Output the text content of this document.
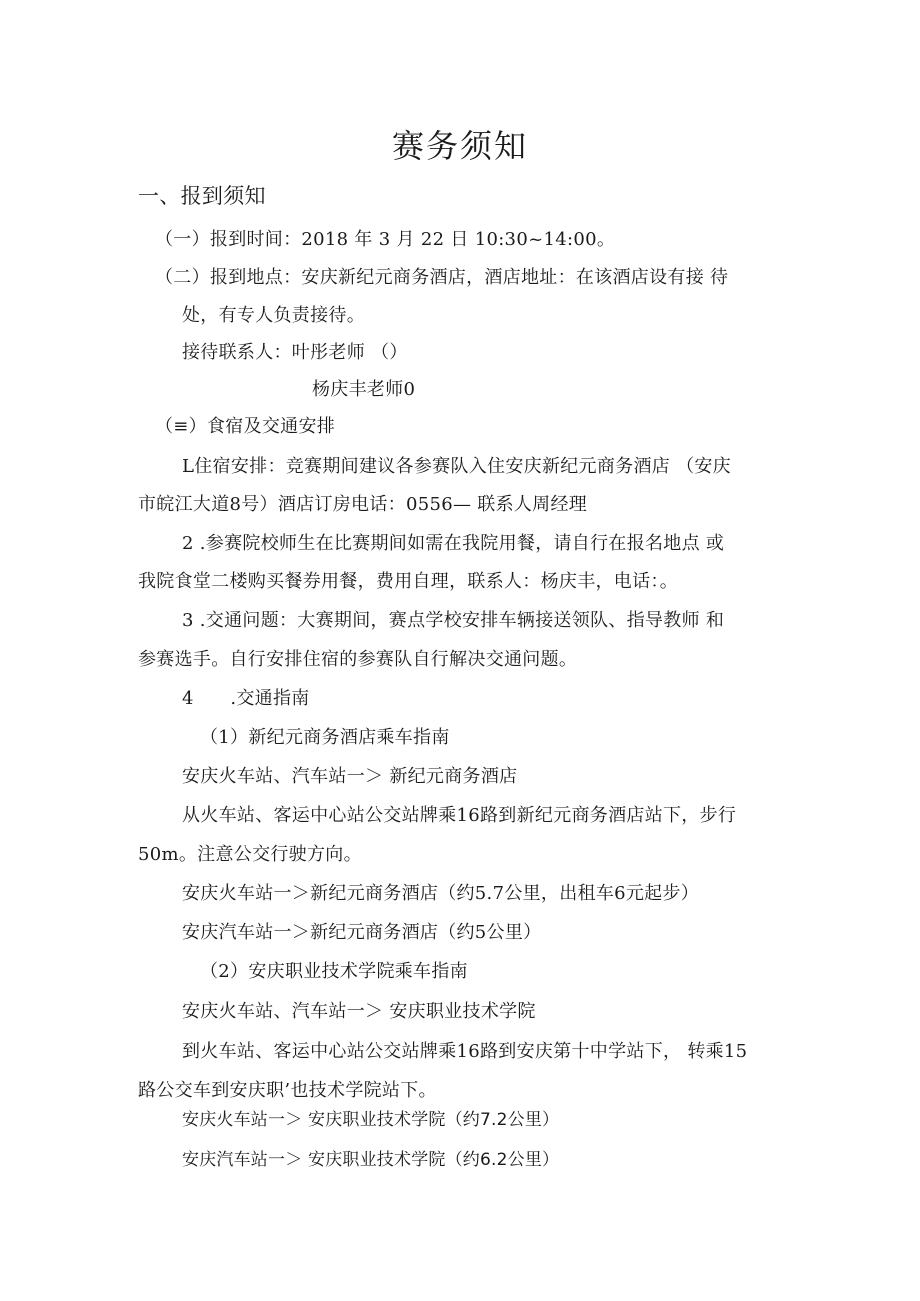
赛务须知
一、报到须知
（一）报到时间：2018 年 3 月 22 日 10:30~14:00。
（二）报到地点：安庆新纪元商务酒店，酒店地址：在该酒店设有接 待
处，有专人负责接待。
接待联系人：叶彤老师 （）
杨庆丰老师0
（≡）食宿及交通安排
L住宿安排：竞赛期间建议各参赛队入住安庆新纪元商务酒店 （安庆
市皖江大道8号）酒店订房电话：0556— 联系人周经理
2 .参赛院校师生在比赛期间如需在我院用餐，请自行在报名地点 或
我院食堂二楼购买餐券用餐，费用自理，联系人：杨庆丰，电话：。
3 .交通问题：大赛期间，赛点学校安排车辆接送领队、指导教师 和
参赛选手。自行安排住宿的参赛队自行解决交通问题。
4　　.交通指南
（1）新纪元商务酒店乘车指南
安庆火车站、汽车站一＞ 新纪元商务酒店
从火车站、客运中心站公交站牌乘16路到新纪元商务酒店站下，步行
50m。注意公交行驶方向。
安庆火车站一＞新纪元商务酒店（约5.7公里，出租车6元起步）
安庆汽车站一＞新纪元商务酒店（约5公里）
（2）安庆职业技术学院乘车指南
安庆火车站、汽车站一＞ 安庆职业技术学院
到火车站、客运中心站公交站牌乘16路到安庆第十中学站下， 转乘15
路公交车到安庆职’也技术学院站下。
安庆火车站一＞ 安庆职业技术学院（约7.2公里）
安庆汽车站一＞ 安庆职业技术学院（约6.2公里）
